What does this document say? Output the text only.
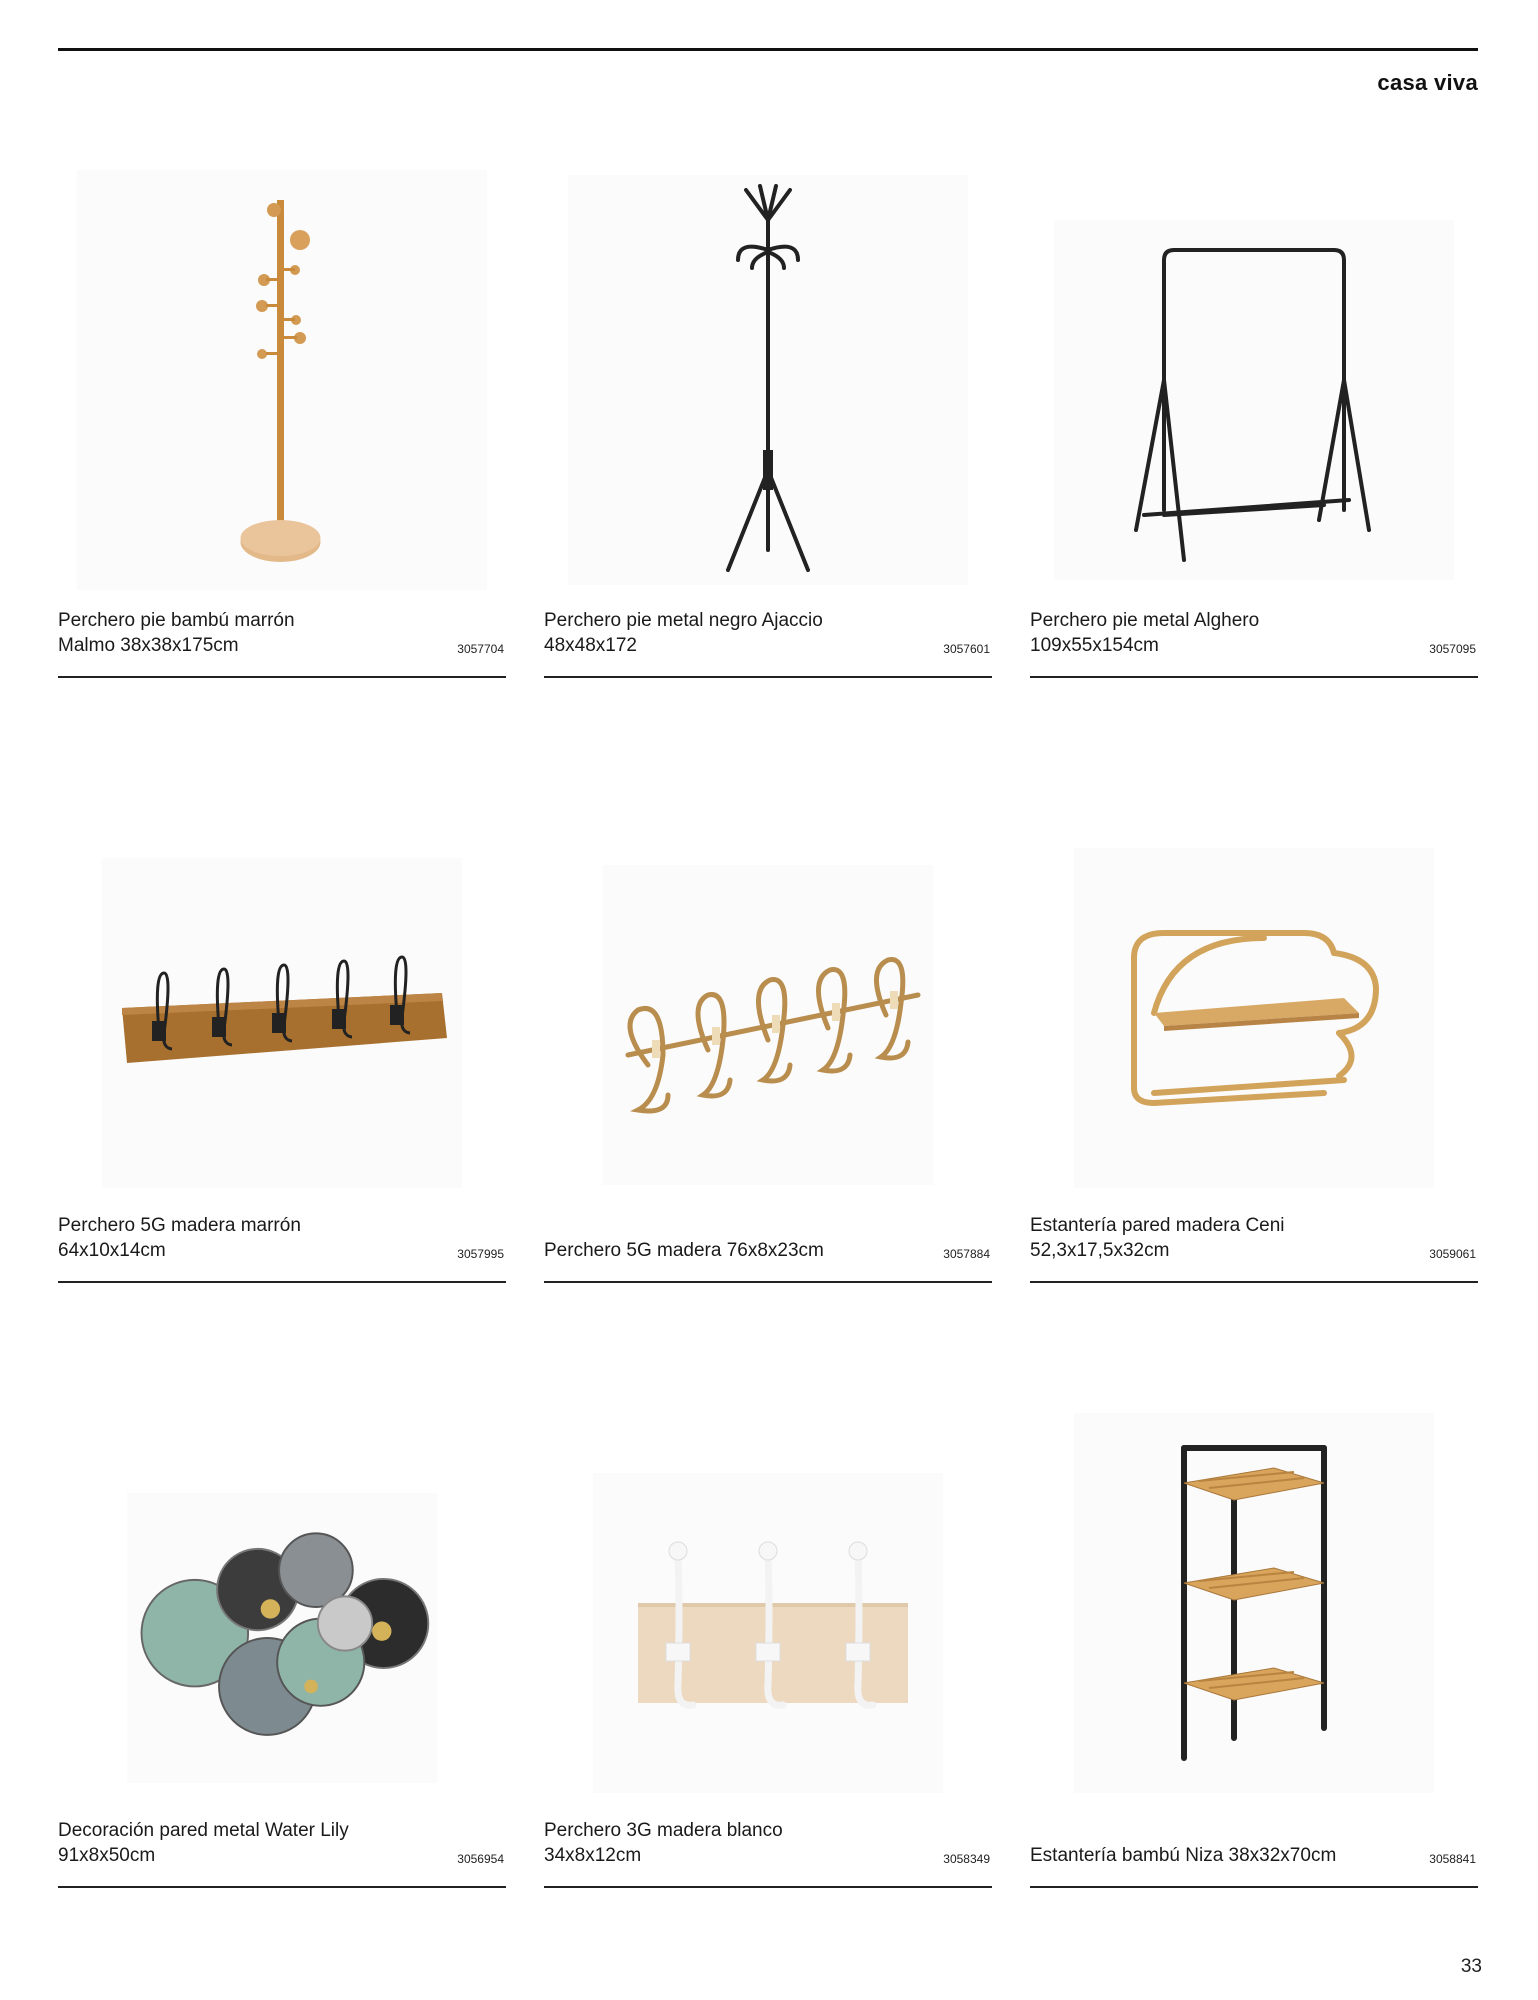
casa viva
Perchero pie bambú marrón
Malmo 38x38x175cm	3057704
Perchero pie metal negro Ajaccio
48x48x172	3057601
Perchero pie metal Alghero
109x55x154cm	3057095
Perchero 5G madera marrón
64x10x14cm	3057995 Perchero 5G madera 76x8x23cm	3057884
Estantería pared madera Ceni
52,3x17,5x32cm	3059061
Decoración pared metal Water Lily
91x8x50cm	3056954
Perchero 3G madera blanco
34x8x12cm	3058349 Estantería bambú Niza 38x32x70cm	3058841
33
